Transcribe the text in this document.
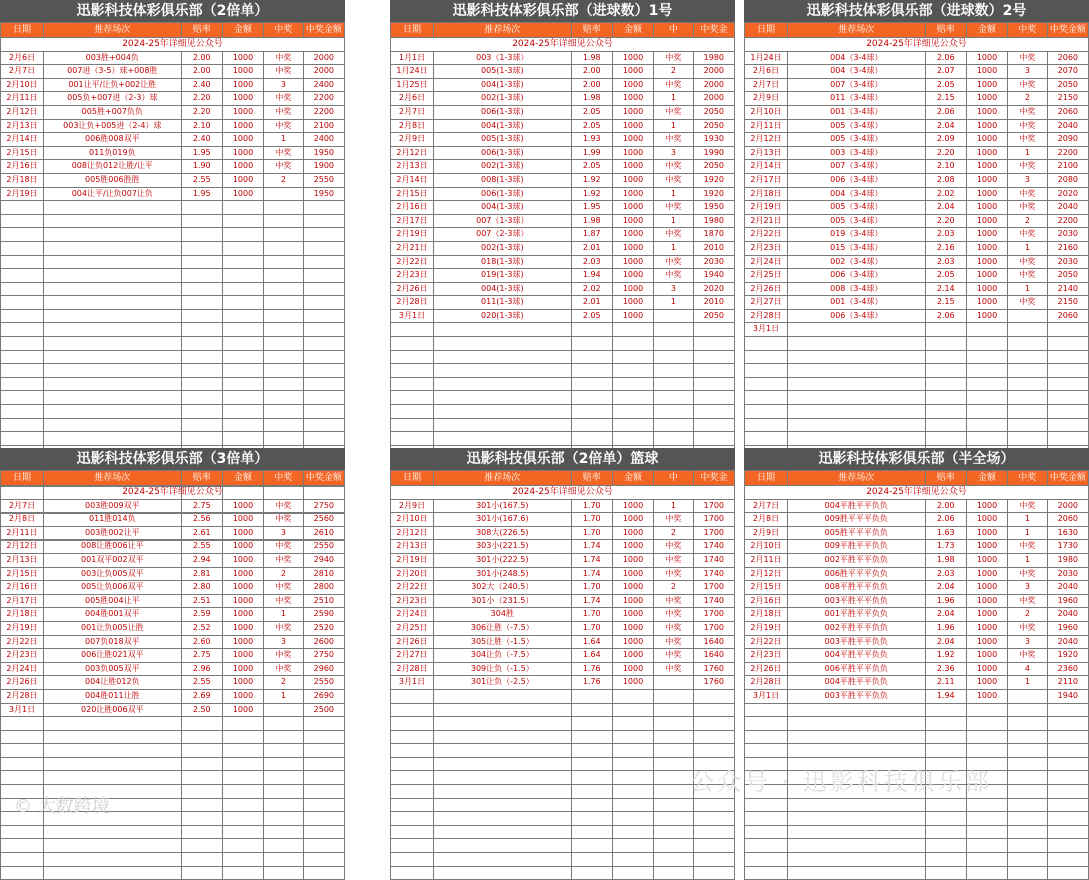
迅影科技体彩俱乐部（2倍单）
日期	推荐场次	赔率	金额	中奖	中奖金额
2024-25年详细见公众号					
2月6日	003胜+004负	2.00	1000	中奖	2000
2月7日	007进（3-5）球+008胜	2.00	1000	中奖	2000
2月10日	001让平/让负+002让胜	2.40	1000	3	2400
2月11日	005负+007进（2-3）球	2.20	1000	中奖	2200
2月12日	005胜+007负负	2.20	1000	中奖	2200
2月13日	003让负+005进（2-4）球	2.10	1000	中奖	2100
2月14日	006胜008双平	2.40	1000	1	2400
2月15日	011负019负	1.95	1000	中奖	1950
2月16日	008让负012让胜/让平	1.90	1000	中奖	1900
2月18日	005胜006胜胜	2.55	1000	2	2550
2月19日	004让平/让负007让负	1.95	1000		1950

迅影科技体彩俱乐部（进球数）1号
日期	推荐场次	赔率	金额	中	中奖金
2024-25年详细见公众号					
1月1日	003（1-3球）	1.98	1000	中奖	1980
1月24日	005(1-3球)	2.00	1000	2	2000
1月25日	004(1-3球)	2.00	1000	中奖	2000
2月6日	002(1-3球)	1.98	1000	1	2000
2月7日	006(1-3球)	2.05	1000	中奖	2050
2月8日	004(1-3球)	2.05	1000	1	2050
2月9日	005(1-3球)	1.93	1000	中奖	1930
2月12日	006(1-3球)	1.99	1000	3	1990
2月13日	002(1-3球)	2.05	1000	中奖	2050
2月14日	008(1-3球)	1.92	1000	中奖	1920
2月15日	006(1-3球)	1.92	1000	1	1920
2月16日	004(1-3球)	1.95	1000	中奖	1950
2月17日	007（1-3球）	1.98	1000	1	1980
2月19日	007（2-3球）	1.87	1000	中奖	1870
2月21日	002(1-3球)	2.01	1000	1	2010
2月22日	018(1-3球)	2.03	1000	中奖	2030
2月23日	019(1-3球)	1.94	1000	中奖	1940
2月26日	004(1-3球)	2.02	1000	3	2020
2月28日	011(1-3球)	2.01	1000	1	2010
3月1日	020(1-3球)	2.05	1000		2050

迅影科技体彩俱乐部（进球数）2号
日期	推荐场次	赔率	金额	中奖	中奖金额
2024-25年详细见公众号					
1月24日	004（3-4球）	2.06	1000	中奖	2060
2月6日	004（3-4球）	2.07	1000	3	2070
2月7日	007（3-4球）	2.05	1000	中奖	2050
2月9日	011（3-4球）	2.15	1000	2	2150
2月10日	001（3-4球）	2.06	1000	中奖	2060
2月11日	005（3-4球）	2.04	1000	中奖	2040
2月12日	005（3-4球）	2.09	1000	中奖	2090
2月13日	003（3-4球）	2.20	1000	1	2200
2月14日	007（3-4球）	2.10	1000	中奖	2100
2月17日	006（3-4球）	2.08	1000	3	2080
2月18日	004（3-4球）	2.02	1000	中奖	2020
2月19日	005（3-4球）	2.04	1000	中奖	2040
2月21日	005（3-4球）	2.20	1000	2	2200
2月22日	019（3-4球）	2.03	1000	中奖	2030
2月23日	015（3-4球）	2.16	1000	1	2160
2月24日	002（3-4球）	2.03	1000	中奖	2030
2月25日	006（3-4球）	2.05	1000	中奖	2050
2月26日	008（3-4球）	2.14	1000	1	2140
2月27日	001（3-4球）	2.15	1000	中奖	2150
2月28日	006（3-4球）	2.06	1000		2060
3月1日					

迅影科技体彩俱乐部（3倍单）
日期	推荐场次	赔率	金额	中奖	中奖金额
2024-25年详细见公众号					
2月7日	003胜009双平	2.75	1000	中奖	2750
2月8日	011胜014负	2.56	1000	中奖	2560
2月11日	003胜002让平	2.61	1000	3	2610
2月12日	008让胜006让平	2.55	1000	中奖	2550
2月13日	001双平002双平	2.94	1000	中奖	2940
2月15日	003让负005双平	2.81	1000	2	2810
2月16日	005让负006双平	2.80	1000	中奖	2800
2月17日	005胜004让平	2.51	1000	中奖	2510
2月18日	004胜001双平	2.59	1000	1	2590
2月19日	001让负005让胜	2.52	1000	中奖	2520
2月22日	007负018双平	2.60	1000	3	2600
2月23日	006让胜021双平	2.75	1000	中奖	2750
2月24日	003负005双平	2.96	1000	中奖	2960
2月26日	004让胜012负	2.55	1000	2	2550
2月28日	004胜011让胜	2.69	1000	1	2690
3月1日	020让胜006双平	2.50	1000		2500

迅影科技俱乐部（2倍单）篮球
日期	推荐场次	赔率	金额	中	中奖金
2024-25年详细见公众号					
2月9日	301小(167.5)	1.70	1000	1	1700
2月10日	301小(167.6)	1.70	1000	中奖	1700
2月12日	308大(226.5)	1.70	1000	2	1700
2月13日	303小(221.5)	1.74	1000	中奖	1740
2月19日	301小(222.5)	1.74	1000	中奖	1740
2月20日	301小(248.5)	1.74	1000	中奖	1740
2月22日	302大（240.5）	1.70	1000	2	1700
2月23日	301小（231.5）	1.74	1000	中奖	1740
2月24日	304胜	1.70	1000	中奖	1700
2月25日	306让胜（-7.5）	1.70	1000	中奖	1700
2月26日	305让胜（-1.5）	1.64	1000	中奖	1640
2月27日	304让负（-7.5）	1.64	1000	中奖	1640
2月28日	309让负（-1.5）	1.76	1000	中奖	1760
3月1日	301让负（-2.5）	1.76	1000		1760

迅影科技体彩俱乐部（半全场）
日期	推荐场次	赔率	金额	中奖	中奖金额
2024-25年详细见公众号					
2月7日	004平胜平平负负	2.00	1000	中奖	2000
2月8日	009胜平平平负负	2.06	1000	1	2060
2月9日	005胜平平平负负	1.63	1000	1	1630
2月10日	009平胜平平负负	1.73	1000	中奖	1730
2月11日	002平胜平平负负	1.98	1000	1	1980
2月12日	006胜平平平负负	2.03	1000	中奖	2030
2月15日	008平胜平平负负	2.04	1000	3	2040
2月16日	003平胜平平负负	1.96	1000	中奖	1960
2月18日	001平胜平平负负	2.04	1000	2	2040
2月19日	002平胜平平负负	1.96	1000	中奖	1960
2月22日	003平胜平平负负	2.04	1000	3	2040
2月23日	004平胜平平负负	1.92	1000	中奖	1920
2月26日	006平胜平平负负	2.36	1000	4	2360
2月28日	004平胜平平负负	2.11	1000	1	2110
3月1日	003平胜平平负负	1.94	1000		1940

© 大数跨境
公众号 · 迅影科技俱乐部
